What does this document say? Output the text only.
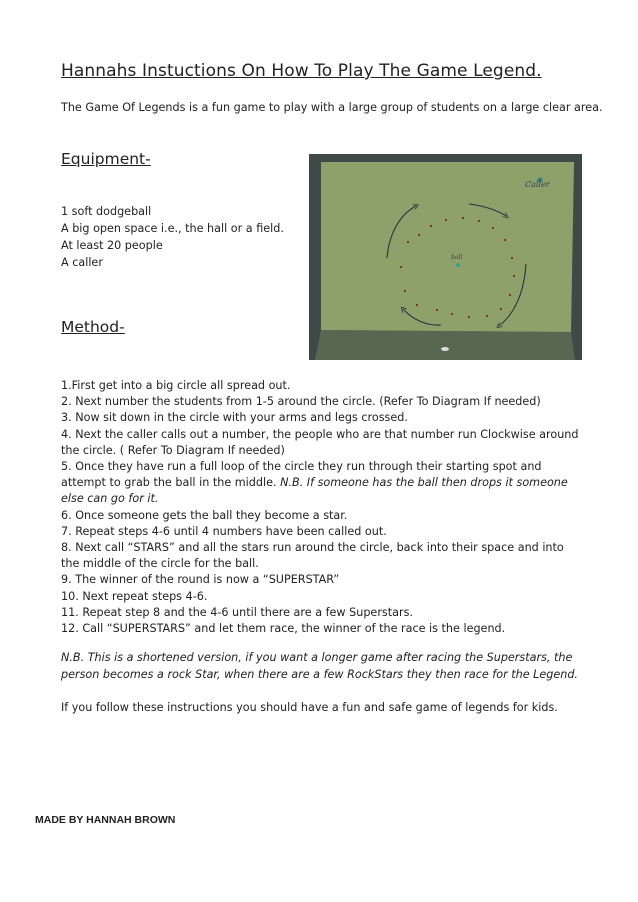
Hannahs Instuctions On How To Play The Game Legend.

The Game Of Legends is a fun game to play with a large group of students on a large clear area.

Equipment-
1 soft dodgeball
A big open space i.e., the hall or a field.
At least 20 people
A caller
Caller
ball
Method-
1.First get into a big circle all spread out.
2. Next number the students from 1-5 around the circle. (Refer To Diagram If needed)
3. Now sit down in the circle with your arms and legs crossed.
4. Next the caller calls out a number, the people who are that number run Clockwise around the circle. ( Refer To Diagram If needed)
5. Once they have run a full loop of the circle they run through their starting spot and attempt to grab the ball in the middle. N.B. If someone has the ball then drops it someone else can go for it.
6. Once someone gets the ball they become a star.
7. Repeat steps 4-6 until 4 numbers have been called out.
8. Next call “STARS” and all the stars run around the circle, back into their space and into the middle of the circle for the ball.
9. The winner of the round is now a “SUPERSTAR”
10. Next repeat steps 4-6.
11. Repeat step 8 and the 4-6 until there are a few Superstars.
12. Call “SUPERSTARS” and let them race, the winner of the race is the legend.

N.B. This is a shortened version, if you want a longer game after racing the Superstars, the person becomes a rock Star, when there are a few RockStars they then race for the Legend.

If you follow these instructions you should have a fun and safe game of legends for kids.

MADE BY HANNAH BROWN
